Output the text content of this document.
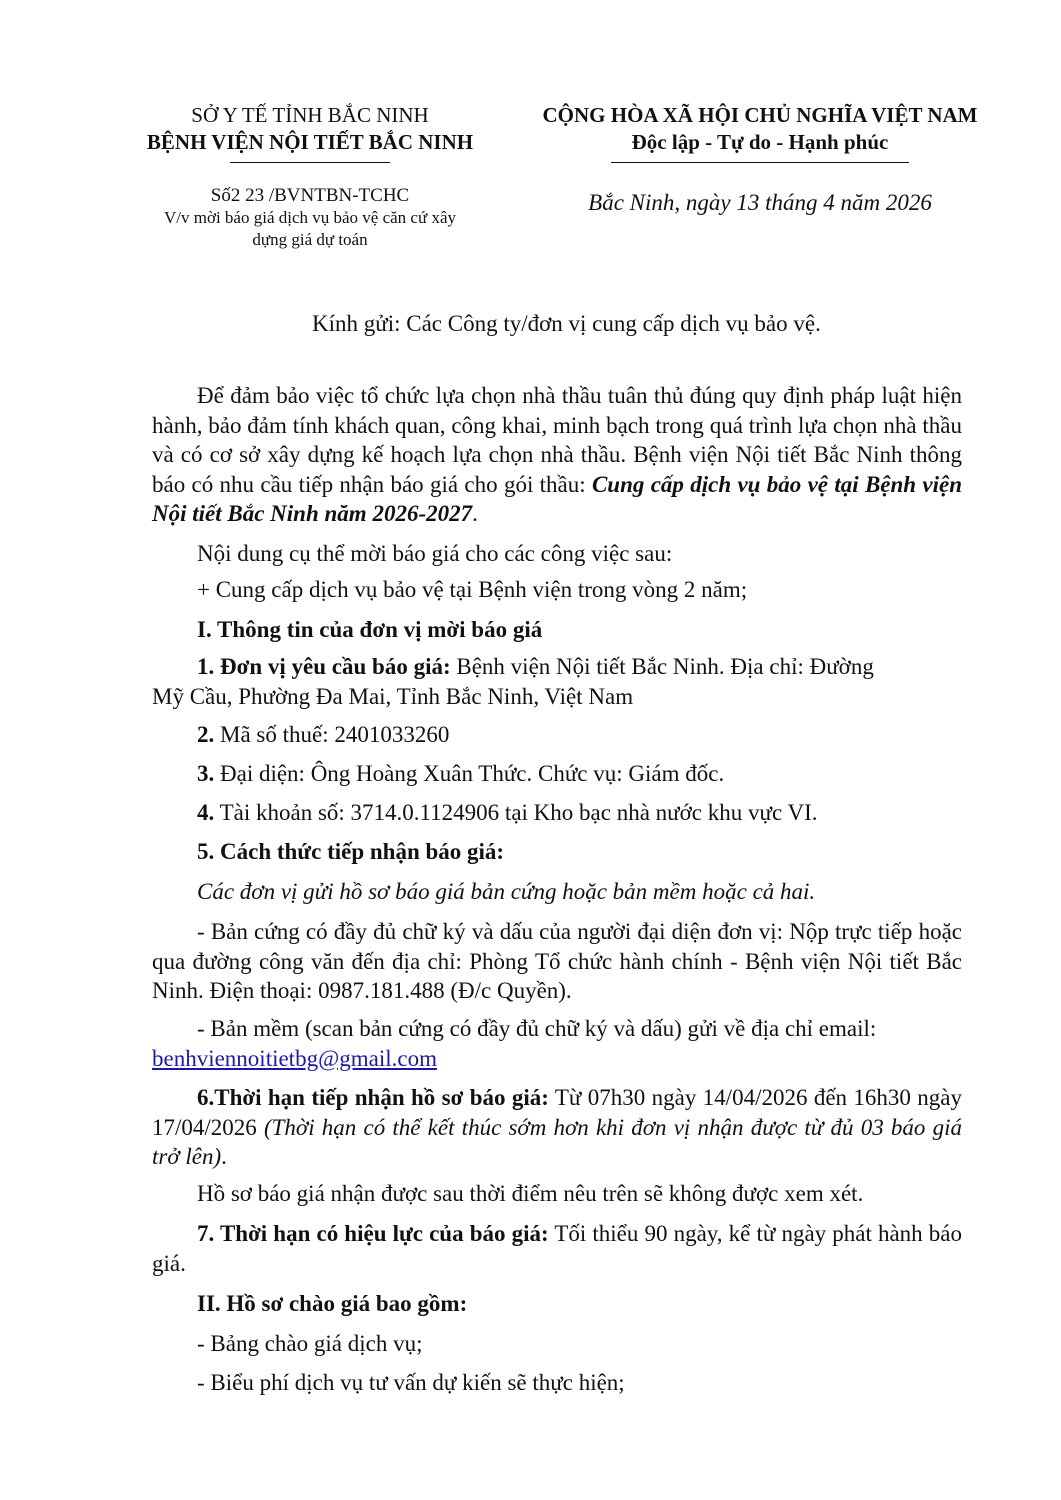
SỞ Y TẾ TỈNH BẮC NINH
BỆNH VIỆN NỘI TIẾT BẮC NINH
Số2 23 /BVNTBN-TCHC
V/v mời báo giá dịch vụ bảo vệ căn cứ xây
dựng giá dự toán
CỘNG HÒA XÃ HỘI CHỦ NGHĨA VIỆT NAM
Độc lập - Tự do - Hạnh phúc
Bắc Ninh, ngày 13 tháng 4 năm 2026
Kính gửi: Các Công ty/đơn vị cung cấp dịch vụ bảo vệ.
Để đảm bảo việc tổ chức lựa chọn nhà thầu tuân thủ đúng quy định pháp luật hiện hành, bảo đảm tính khách quan, công khai, minh bạch trong quá trình lựa chọn nhà thầu và có cơ sở xây dựng kế hoạch lựa chọn nhà thầu. Bệnh viện Nội tiết Bắc Ninh thông báo có nhu cầu tiếp nhận báo giá cho gói thầu: Cung cấp dịch vụ bảo vệ tại Bệnh viện Nội tiết Bắc Ninh năm 2026-2027.
Nội dung cụ thể mời báo giá cho các công việc sau:
+ Cung cấp dịch vụ bảo vệ tại Bệnh viện trong vòng 2 năm;
I. Thông tin của đơn vị mời báo giá
1. Đơn vị yêu cầu báo giá: Bệnh viện Nội tiết Bắc Ninh. Địa chỉ: Đường
Mỹ Cầu, Phường Đa Mai, Tỉnh Bắc Ninh, Việt Nam
2. Mã số thuế: 2401033260
3. Đại diện: Ông Hoàng Xuân Thức. Chức vụ: Giám đốc.
4. Tài khoản số: 3714.0.1124906 tại Kho bạc nhà nước khu vực VI.
5. Cách thức tiếp nhận báo giá:
Các đơn vị gửi hồ sơ báo giá bản cứng hoặc bản mềm hoặc cả hai.
- Bản cứng có đầy đủ chữ ký và dấu của người đại diện đơn vị: Nộp trực tiếp hoặc qua đường công văn đến địa chỉ: Phòng Tổ chức hành chính - Bệnh viện Nội tiết Bắc Ninh. Điện thoại: 0987.181.488 (Đ/c Quyền).
- Bản mềm (scan bản cứng có đầy đủ chữ ký và dấu) gửi về địa chỉ email:
benhviennoitietbg@gmail.com
6.Thời hạn tiếp nhận hồ sơ báo giá: Từ 07h30 ngày 14/04/2026 đến 16h30 ngày 17/04/2026 (Thời hạn có thể kết thúc sớm hơn khi đơn vị nhận được từ đủ 03 báo giá trở lên).
Hồ sơ báo giá nhận được sau thời điểm nêu trên sẽ không được xem xét.
7. Thời hạn có hiệu lực của báo giá: Tối thiểu 90 ngày, kể từ ngày phát hành báo giá.
II. Hồ sơ chào giá bao gồm:
- Bảng chào giá dịch vụ;
- Biểu phí dịch vụ tư vấn dự kiến sẽ thực hiện;
